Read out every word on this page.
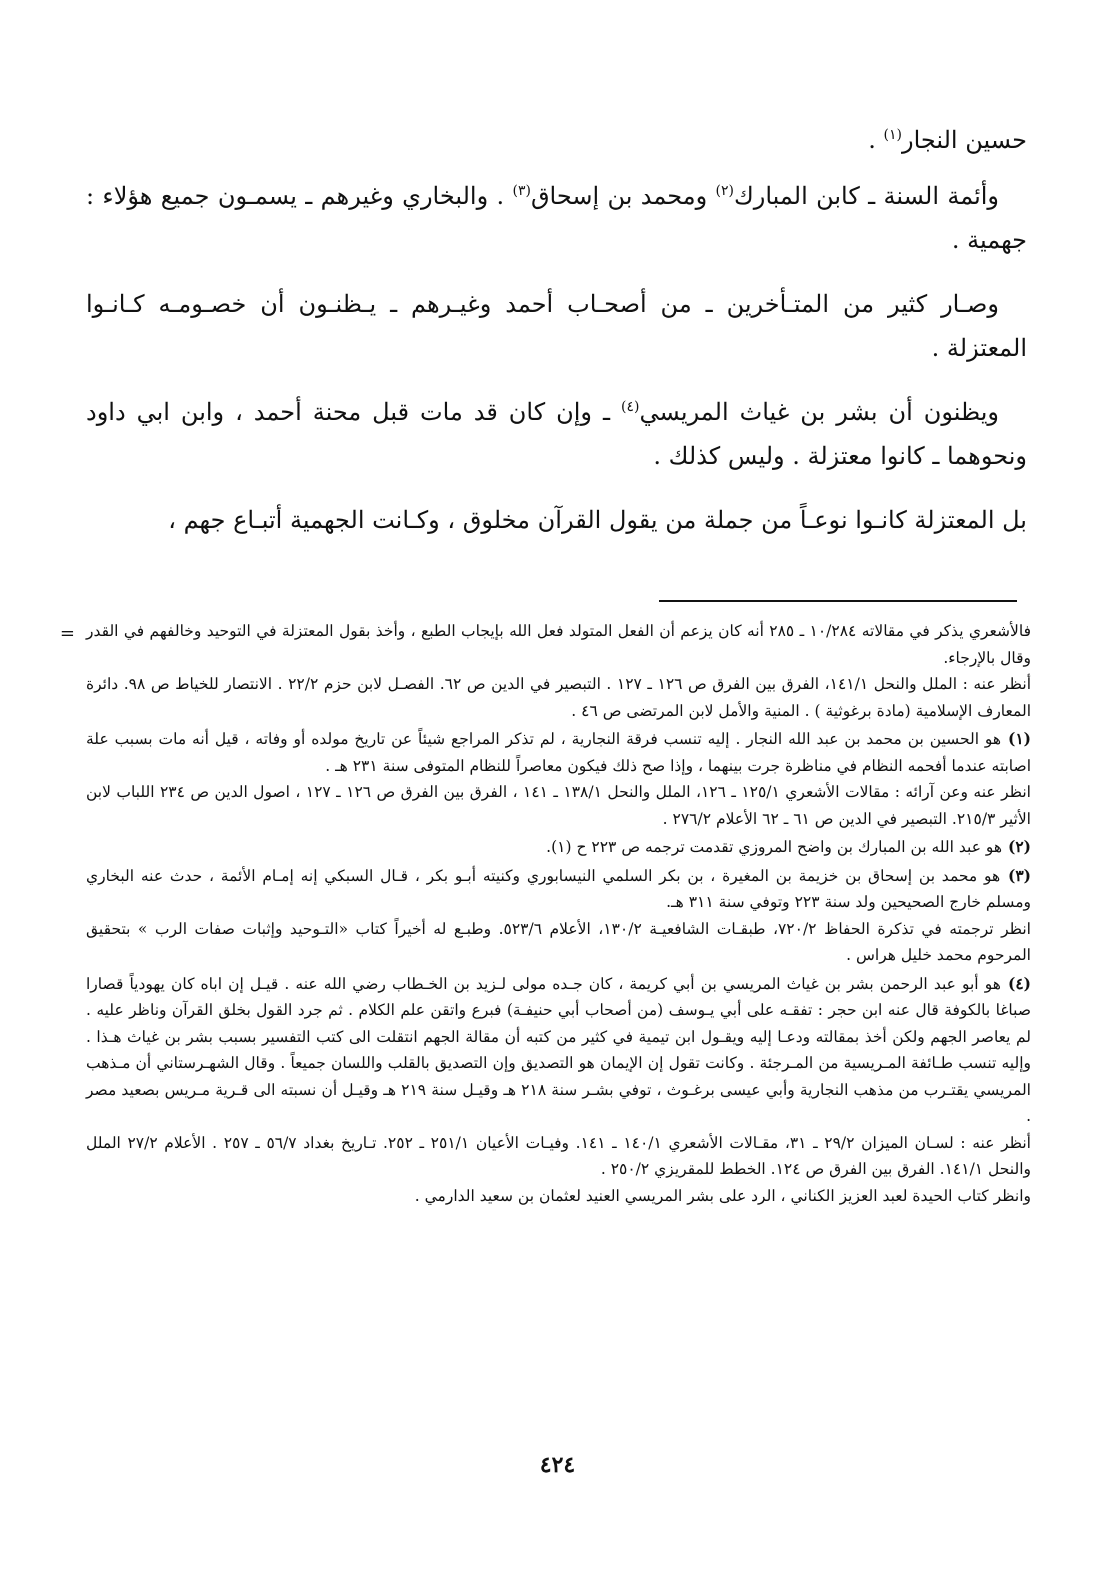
حسين النجار$^{(١)}$ .

وأئمة السنة ـ كابن المبارك$^{(٢)}$ ومحمد بن إسحاق$^{(٣)}$ . والبخاري وغيرهم ـ يسمـون جميع هؤلاء : جهمية .

وصـار كثير من المتـأخرين ـ من أصحـاب أحمد وغيـرهم ـ يـظنـون أن خصـومـه كـانـوا المعتزلة .

ويظنون أن بشر بن غياث المريسي$^{(٤)}$ ـ وإن كان قد مات قبل محنة أحمد ، وابن ابي داود ونحوهما ـ كانوا معتزلة . وليس كذلك .

بل المعتزلة كانـوا نوعـاً من جملة من يقول القرآن مخلوق ، وكـانت الجهمية أتبـاع جهم ،

= فالأشعري يذكر في مقالاته ١٠/٢٨٤ ـ ٢٨٥ أنه كان يزعم أن الفعل المتولد فعل الله بإيجاب الطبع ، وأخذ بقول المعتزلة في التوحيد وخالفهم في القدر وقال بالإرجاء.
أنظر عنه : الملل والنحل ١٤١/١، الفرق بين الفرق ص ١٢٦ ـ ١٢٧ . التبصير في الدين ص ٦٢. الفصـل لابن حزم ٢٢/٢ . الانتصار للخياط ص ٩٨. دائرة المعارف الإسلامية (مادة برغوثية ) . المنية والأمل لابن المرتضى ص ٤٦ .
(١) هو الحسين بن محمد بن عبد الله النجار . إليه تنسب فرقة النجارية ، لم تذكر المراجع شيئاً عن تاريخ مولده أو وفاته ، قيل أنه مات بسبب علة اصابته عندما أفحمه النظام في مناظرة جرت بينهما ، وإذا صح ذلك فيكون معاصراً للنظام المتوفى سنة ٢٣١ هـ .
انظر عنه وعن آرائه : مقالات الأشعري ١٢٥/١ ـ ١٢٦، الملل والنحل ١٣٨/١ ـ ١٤١ ، الفرق بين الفرق ص ١٢٦ ـ ١٢٧ ، اصول الدين ص ٢٣٤ اللباب لابن الأثير ٢١٥/٣. التبصير في الدين ص ٦١ ـ ٦٢ الأعلام ٢٧٦/٢ .
(٢) هو عبد الله بن المبارك بن واضح المروزي تقدمت ترجمه ص ٢٢٣ ح (١).
(٣) هو محمد بن إسحاق بن خزيمة بن المغيرة ، بن بكر السلمي النيسابوري وكنيته أبـو بكر ، قـال السبكي إنه إمـام الأئمة ، حدث عنه البخاري ومسلم خارج الصحيحين ولد سنة ٢٢٣ وتوفي سنة ٣١١ هـ.
انظر ترجمته في تذكرة الحفاظ ٧٢٠/٢، طبقـات الشافعيـة ١٣٠/٢، الأعلام ٥٢٣/٦. وطبـع له أخيراً كتاب «التـوحيد وإثبات صفات الرب » بتحقيق المرحوم محمد خليل هراس .
(٤) هو أبو عبد الرحمن بشر بن غياث المريسي بن أبي كريمة ، كان جـده مولى لـزيد بن الخـطاب رضي الله عنه . قيـل إن اباه كان يهودياً قصارا صباغا بالكوفة قال عنه ابن حجر : تفقـه على أبي يـوسف (من أصحاب أبي حنيفـة) فبرع واتقن علم الكلام . ثم جرد القول بخلق القرآن وناظر عليه . لم يعاصر الجهم ولكن أخذ بمقالته ودعـا إليه ويقـول ابن تيمية في كثير من كتبه أن مقالة الجهم انتقلت الى كتب التفسير بسبب بشر بن غياث هـذا . وإليه تنسب طـائفة المـريسية من المـرجئة . وكانت تقول إن الإيمان هو التصديق وإن التصديق بالقلب واللسان جميعاً . وقال الشهـرستاني أن مـذهب المريسي يقتـرب من مذهب النجارية وأبي عيسى برغـوث ، توفي بشـر سنة ٢١٨ هـ وقيـل سنة ٢١٩ هـ وقيـل أن نسبته الى قـرية مـريس بصعيد مصر .
أنظر عنه : لسـان الميزان ٢٩/٢ ـ ٣١، مقـالات الأشعري ١٤٠/١ ـ ١٤١. وفيـات الأعيان ٢٥١/١ ـ ٢٥٢. تـاريخ بغداد ٥٦/٧ ـ ٢٥٧ . الأعلام ٢٧/٢ الملل والنحل ١٤١/١. الفرق بين الفرق ص ١٢٤. الخطط للمقريزي ٢٥٠/٢ .
وانظر كتاب الحيدة لعبد العزيز الكناني ، الرد على بشر المريسي العنيد لعثمان بن سعيد الدارمي .
٤٢٤
